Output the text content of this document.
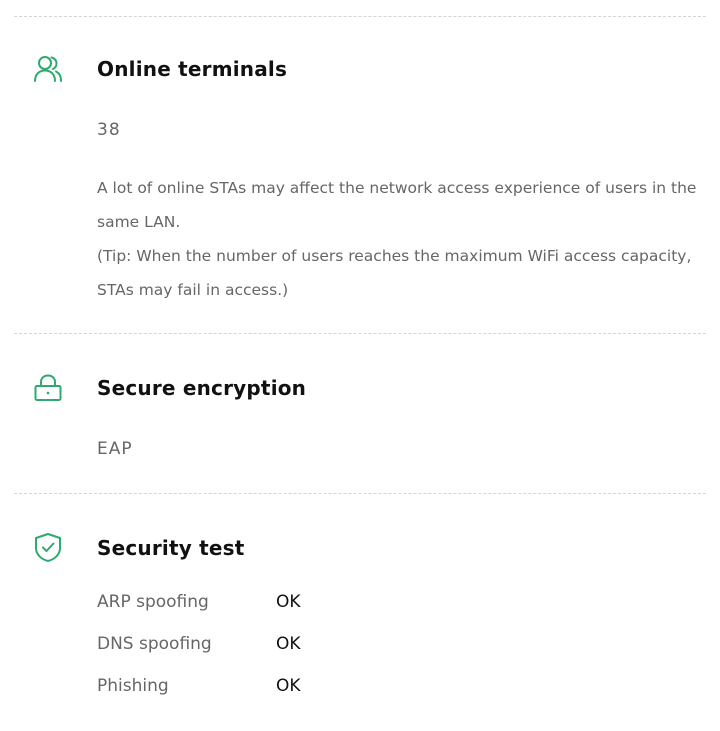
Online terminals
38

A lot of online STAs may affect the network access experience of users in the same LAN.

(Tip: When the number of users reaches the maximum WiFi access capacity, STAs may fail in access.)

Secure encryption
EAP
Security test
ARP spoofing	OK
DNS spoofing	OK
Phishing	OK
